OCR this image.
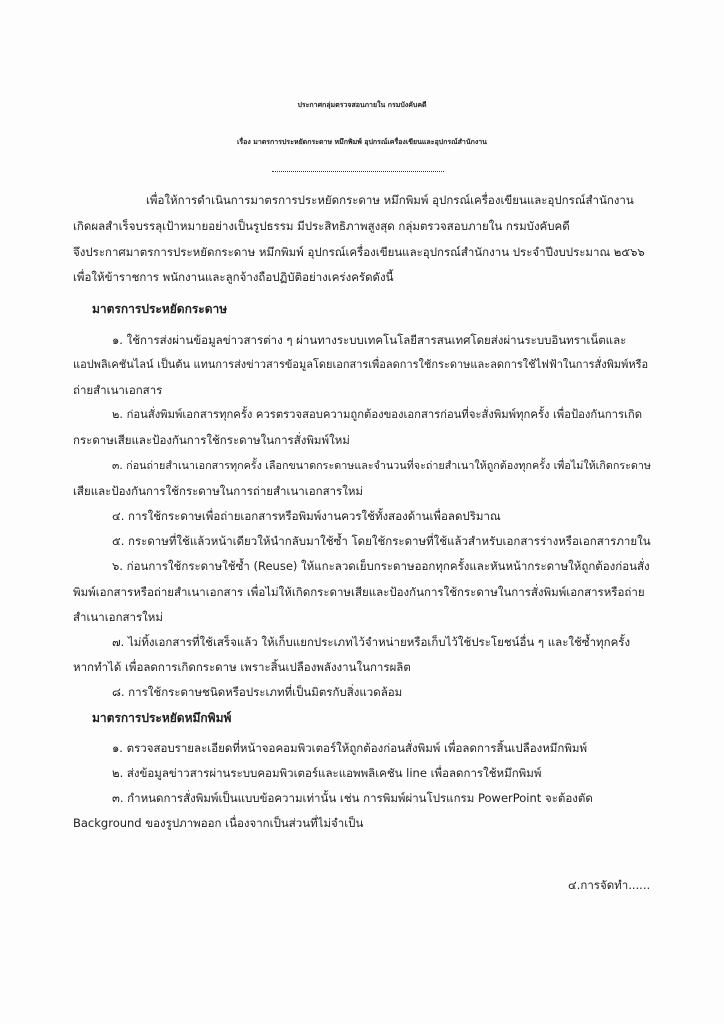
ประกาศกลุ่มตรวจสอบภายใน กรมบังคับคดี
เรื่อง มาตรการประหยัดกระดาษ หมึกพิมพ์ อุปกรณ์เครื่องเขียนและอุปกรณ์สำนักงาน
เพื่อให้การดำเนินการมาตรการประหยัดกระดาษ หมึกพิมพ์ อุปกรณ์เครื่องเขียนและอุปกรณ์สำนักงาน
เกิดผลสำเร็จบรรลุเป้าหมายอย่างเป็นรูปธรรม มีประสิทธิภาพสูงสุด กลุ่มตรวจสอบภายใน กรมบังคับคดี
จึงประกาศมาตรการประหยัดกระดาษ หมึกพิมพ์ อุปกรณ์เครื่องเขียนและอุปกรณ์สำนักงาน ประจำปีงบประมาณ ๒๕๖๖
เพื่อให้ข้าราชการ พนักงานและลูกจ้างถือปฏิบัติอย่างเคร่งครัดดังนี้
มาตรการประหยัดกระดาษ
๑. ใช้การส่งผ่านข้อมูลข่าวสารต่าง ๆ ผ่านทางระบบเทคโนโลยีสารสนเทศโดยส่งผ่านระบบอินทราเน็ตและ
แอปพลิเคชันไลน์ เป็นต้น แทนการส่งข่าวสารข้อมูลโดยเอกสารเพื่อลดการใช้กระดาษและลดการใช้ไฟฟ้าในการสั่งพิมพ์หรือ
ถ่ายสำเนาเอกสาร
๒. ก่อนสั่งพิมพ์เอกสารทุกครั้ง ควรตรวจสอบความถูกต้องของเอกสารก่อนที่จะสั่งพิมพ์ทุกครั้ง เพื่อป้องกันการเกิด
กระดาษเสียและป้องกันการใช้กระดาษในการสั่งพิมพ์ใหม่
๓. ก่อนถ่ายสำเนาเอกสารทุกครั้ง เลือกขนาดกระดาษและจำนวนที่จะถ่ายสำเนาให้ถูกต้องทุกครั้ง เพื่อไม่ให้เกิดกระดาษ
เสียและป้องกันการใช้กระดาษในการถ่ายสำเนาเอกสารใหม่
๔. การใช้กระดาษเพื่อถ่ายเอกสารหรือพิมพ์งานควรใช้ทั้งสองด้านเพื่อลดปริมาณ
๕. กระดาษที่ใช้แล้วหน้าเดียวให้นำกลับมาใช้ซ้ำ โดยใช้กระดาษที่ใช้แล้วสำหรับเอกสารร่างหรือเอกสารภายใน
๖. ก่อนการใช้กระดาษใช้ซ้ำ (Reuse) ให้แกะลวดเย็บกระดาษออกทุกครั้งและหันหน้ากระดาษให้ถูกต้องก่อนสั่ง
พิมพ์เอกสารหรือถ่ายสำเนาเอกสาร เพื่อไม่ให้เกิดกระดาษเสียและป้องกันการใช้กระดาษในการสั่งพิมพ์เอกสารหรือถ่าย
สำเนาเอกสารใหม่
๗. ไม่ทิ้งเอกสารที่ใช้เสร็จแล้ว ให้เก็บแยกประเภทไว้จำหน่ายหรือเก็บไว้ใช้ประโยชน์อื่น ๆ และใช้ซ้ำทุกครั้ง
หากทำได้ เพื่อลดการเกิดกระดาษ เพราะสิ้นเปลืองพลังงานในการผลิต
๘. การใช้กระดาษชนิดหรือประเภทที่เป็นมิตรกับสิ่งแวดล้อม
มาตรการประหยัดหมึกพิมพ์
๑. ตรวจสอบรายละเอียดที่หน้าจอคอมพิวเตอร์ให้ถูกต้องก่อนสั่งพิมพ์ เพื่อลดการสิ้นเปลืองหมึกพิมพ์
๒. ส่งข้อมูลข่าวสารผ่านระบบคอมพิวเตอร์และแอพพลิเคชัน line เพื่อลดการใช้หมึกพิมพ์
๓. กำหนดการสั่งพิมพ์เป็นแบบข้อความเท่านั้น เช่น การพิมพ์ผ่านโปรแกรม PowerPoint จะต้องตัด
Background ของรูปภาพออก เนื่องจากเป็นส่วนที่ไม่จำเป็น
๔.การจัดทำ......
